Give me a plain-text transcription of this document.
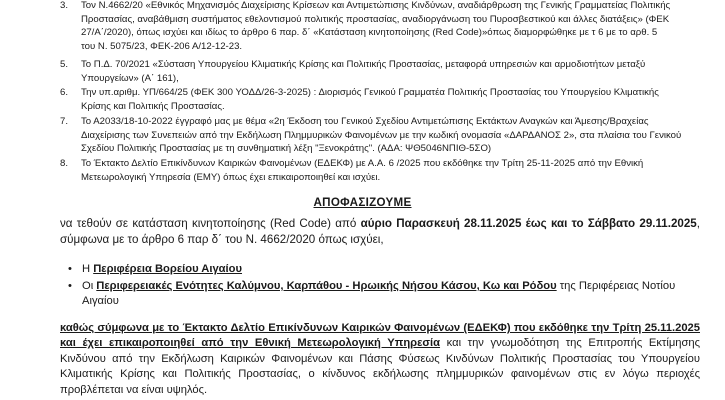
3. Τον Ν.4662/20 «Εθνικός Μηχανισμός Διαχείρισης Κρίσεων και Αντιμετώπισης Κινδύνων, αναδιάρθρωση της Γενικής Γραμματείας Πολιτικής
Προστασίας, αναβάθμιση συστήματος εθελοντισμού πολιτικής προστασίας, αναδιοργάνωση του Πυροσβεστικού και άλλες διατάξεις» (ΦΕΚ
27/Α΄/2020), όπως ισχύει και ιδίως το άρθρο 6 παρ. δ΄ «Κατάσταση κινητοποίησης (Red Code)»όπως διαμορφώθηκε με τ 6 με το αρθ. 5
του Ν. 5075/23, ΦΕΚ-206 Α/12-12-23.
5. Το Π.Δ. 70/2021 «Σύσταση Υπουργείου Κλιματικής Κρίσης και Πολιτικής Προστασίας, μεταφορά υπηρεσιών και αρμοδιοτήτων μεταξύ
Υπουργείων» (Α΄ 161),
6. Την υπ.αριθμ. ΥΠ/664/25 (ΦΕΚ 300 ΥΟΔΔ/26-3-2025) : Διορισμός Γενικού Γραμματέα Πολιτικής Προστασίας του Υπουργείου Κλιματικής
Κρίσης και Πολιτικής Προστασίας.
7. Το Α2033/18-10-2022 έγγραφό μας με θέμα «2η Έκδοση του Γενικού Σχεδίου Αντιμετώπισης Εκτάκτων Αναγκών και Άμεσης/Βραχείας
Διαχείρισης των Συνεπειών από την Εκδήλωση Πλημμυρικών Φαινομένων με την κωδική ονομασία «ΔΑΡΔΑΝΟΣ 2», στα πλαίσια του Γενικού
Σχεδίου Πολιτικής Προστασίας με τη συνθηματική λέξη "Ξενοκράτης". (ΑΔΑ: ΨΘ5046ΝΠΙΘ-5ΣΟ)
8. Το Έκτακτο Δελτίο Επικίνδυνων Καιρικών Φαινομένων (ΕΔΕΚΦ) με Α.Α. 6 /2025 που εκδόθηκε την Τρίτη 25-11-2025 από την Εθνική
Μετεωρολογική Υπηρεσία (ΕΜΥ) όπως έχει επικαιροποιηθεί και ισχύει.
ΑΠΟΦΑΣΙΖΟΥΜΕ
να τεθούν σε κατάσταση κινητοποίησης (Red Code) από αύριο Παρασκευή 28.11.2025 έως και το Σάββατο 29.11.2025, σύμφωνα με το άρθρο 6 παρ δ΄ του Ν. 4662/2020 όπως ισχύει,
• Η Περιφέρεια Βορείου Αιγαίου
• Οι Περιφερειακές Ενότητες Καλύμνου, Καρπάθου - Ηρωικής Νήσου Κάσου, Κω και Ρόδου της Περιφέρειας Νοτίου Αιγαίου
καθώς σύμφωνα με το Έκτακτο Δελτίο Επικίνδυνων Καιρικών Φαινομένων (ΕΔΕΚΦ) που εκδόθηκε την Τρίτη 25.11.2025 και έχει επικαιροποιηθεί από την Εθνική Μετεωρολογική Υπηρεσία και την γνωμοδότηση της Επιτροπής Εκτίμησης Κινδύνου από την Εκδήλωση Καιρικών Φαινομένων και Πάσης Φύσεως Κινδύνων Πολιτικής Προστασίας του Υπουργείου Κλιματικής Κρίσης και Πολιτικής Προστασίας, ο κίνδυνος εκδήλωσης πλημμυρικών φαινομένων στις εν λόγω περιοχές προβλέπεται να είναι υψηλός.
